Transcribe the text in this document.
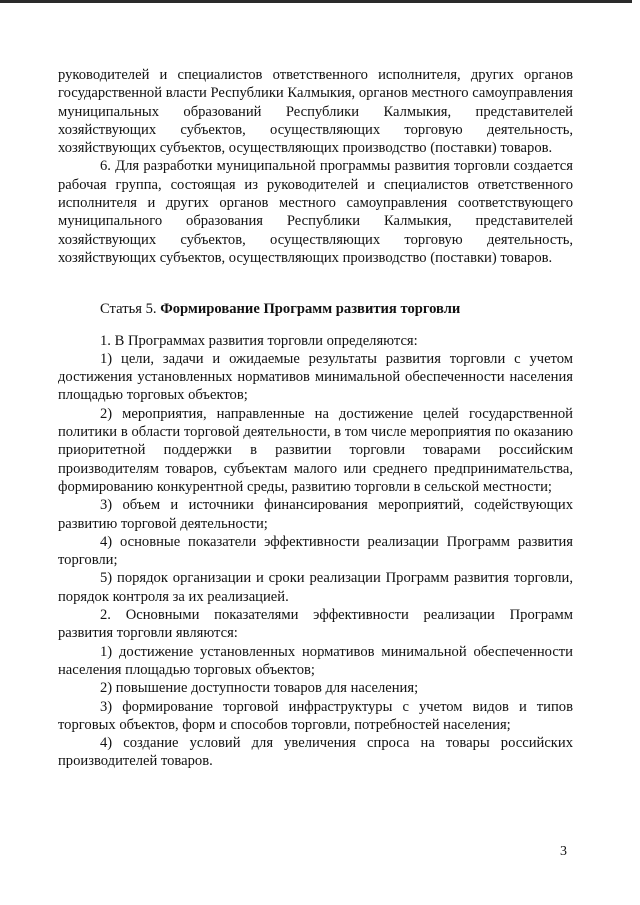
руководителей и специалистов ответственного исполнителя, других органов государственной власти Республики Калмыкия, органов местного самоуправления муниципальных образований Республики Калмыкия, представителей хозяйствующих субъектов, осуществляющих торговую деятельность, хозяйствующих субъектов, осуществляющих производство (поставки) товаров.

6. Для разработки муниципальной программы развития торговли создается рабочая группа, состоящая из руководителей и специалистов ответственного исполнителя и других органов местного самоуправления соответствующего муниципального образования Республики Калмыкия, представителей хозяйствующих субъектов, осуществляющих торговую деятельность, хозяйствующих субъектов, осуществляющих производство (поставки) товаров.

Статья 5. Формирование Программ развития торговли

1. В Программах развития торговли определяются:

1) цели, задачи и ожидаемые результаты развития торговли с учетом достижения установленных нормативов минимальной обеспеченности населения площадью торговых объектов;

2) мероприятия, направленные на достижение целей государственной политики в области торговой деятельности, в том числе мероприятия по оказанию приоритетной поддержки в развитии торговли товарами российским производителям товаров, субъектам малого или среднего предпринимательства, формированию конкурентной среды, развитию торговли в сельской местности;

3) объем и источники финансирования мероприятий, содействующих развитию торговой деятельности;

4) основные показатели эффективности реализации Программ развития торговли;

5) порядок организации и сроки реализации Программ развития торговли, порядок контроля за их реализацией.

2. Основными показателями эффективности реализации Программ развития торговли являются:

1) достижение установленных нормативов минимальной обеспеченности населения площадью торговых объектов;

2) повышение доступности товаров для населения;

3) формирование торговой инфраструктуры с учетом видов и типов торговых объектов, форм и способов торговли, потребностей населения;

4) создание условий для увеличения спроса на товары российских производителей товаров.

3
